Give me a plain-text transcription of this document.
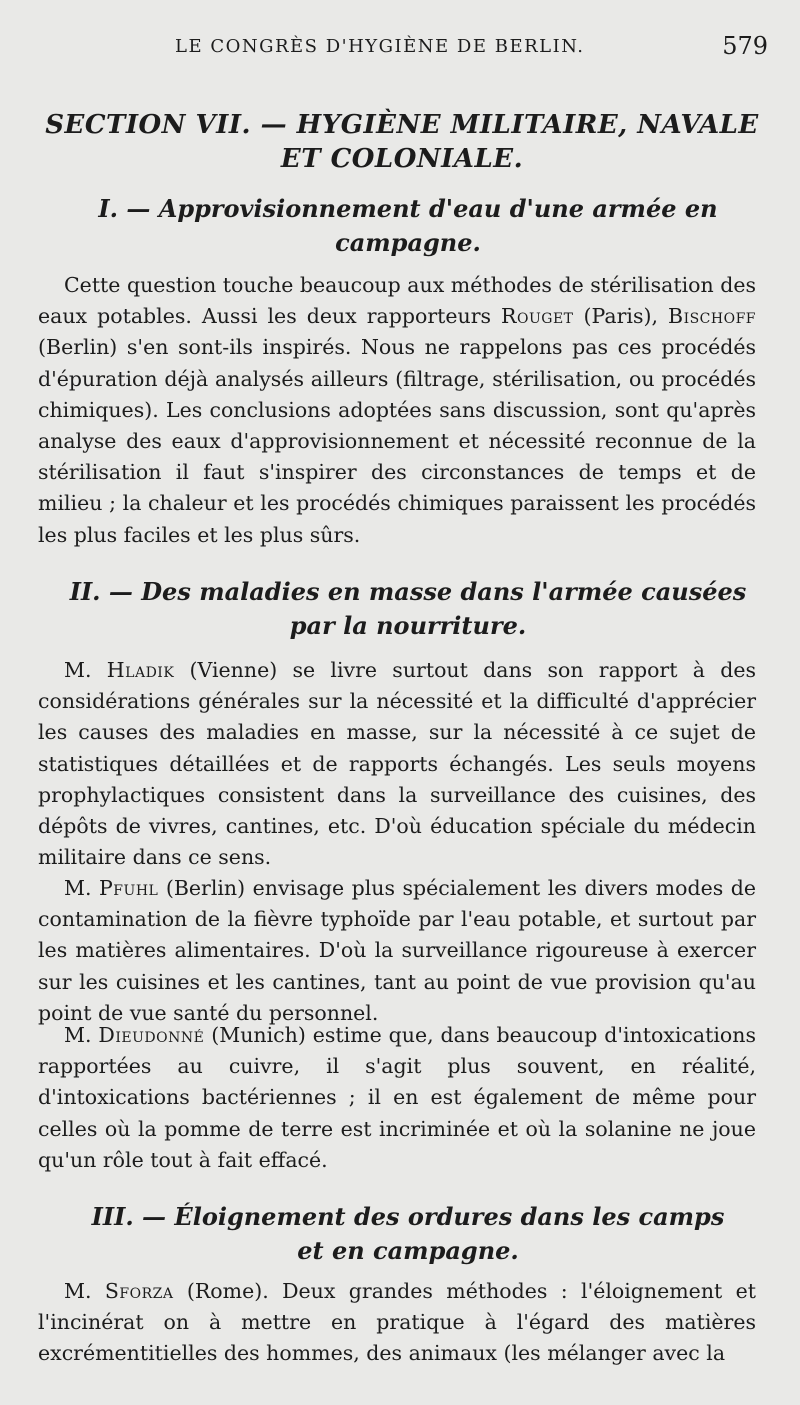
LE CONGRÈS D'HYGIÈNE DE BERLIN.	579
SECTION VII. — HYGIÈNE MILITAIRE, NAVALE
ET COLONIALE.
I. — Approvisionnement d'eau d'une armée en
campagne.

Cette question touche beaucoup aux méthodes de stérilisation des eaux potables. Aussi les deux rapporteurs Rouget (Paris), Bischoff (Berlin) s'en sont-ils inspirés. Nous ne rappelons pas ces procédés d'épuration déjà analysés ailleurs (filtrage, stérilisation, ou procédés chimiques). Les conclusions adoptées sans discussion, sont qu'après analyse des eaux d'approvisionnement et nécessité reconnue de la stérilisation il faut s'inspirer des circonstances de temps et de milieu ; la chaleur et les procédés chimiques paraissent les procédés les plus faciles et les plus sûrs.

II. — Des maladies en masse dans l'armée causées
par la nourriture.

M. Hladik (Vienne) se livre surtout dans son rapport à des considérations générales sur la nécessité et la difficulté d'apprécier les causes des maladies en masse, sur la nécessité à ce sujet de statistiques détaillées et de rapports échangés. Les seuls moyens prophylactiques consistent dans la surveillance des cuisines, des dépôts de vivres, cantines, etc. D'où éducation spéciale du médecin militaire dans ce sens.

M. Pfuhl (Berlin) envisage plus spécialement les divers modes de contamination de la fièvre typhoïde par l'eau potable, et surtout par les matières alimentaires. D'où la surveillance rigoureuse à exercer sur les cuisines et les cantines, tant au point de vue provision qu'au point de vue santé du personnel.

M. Dieudonné (Munich) estime que, dans beaucoup d'intoxications rapportées au cuivre, il s'agit plus souvent, en réalité, d'intoxications bactériennes ; il en est également de même pour celles où la pomme de terre est incriminée et où la solanine ne joue qu'un rôle tout à fait effacé.

III. — Éloignement des ordures dans les camps
et en campagne.

M. Sforza (Rome). Deux grandes méthodes : l'éloignement et l'incinérat on à mettre en pratique à l'égard des matières excrémentitielles des hommes, des animaux (les mélanger avec la
